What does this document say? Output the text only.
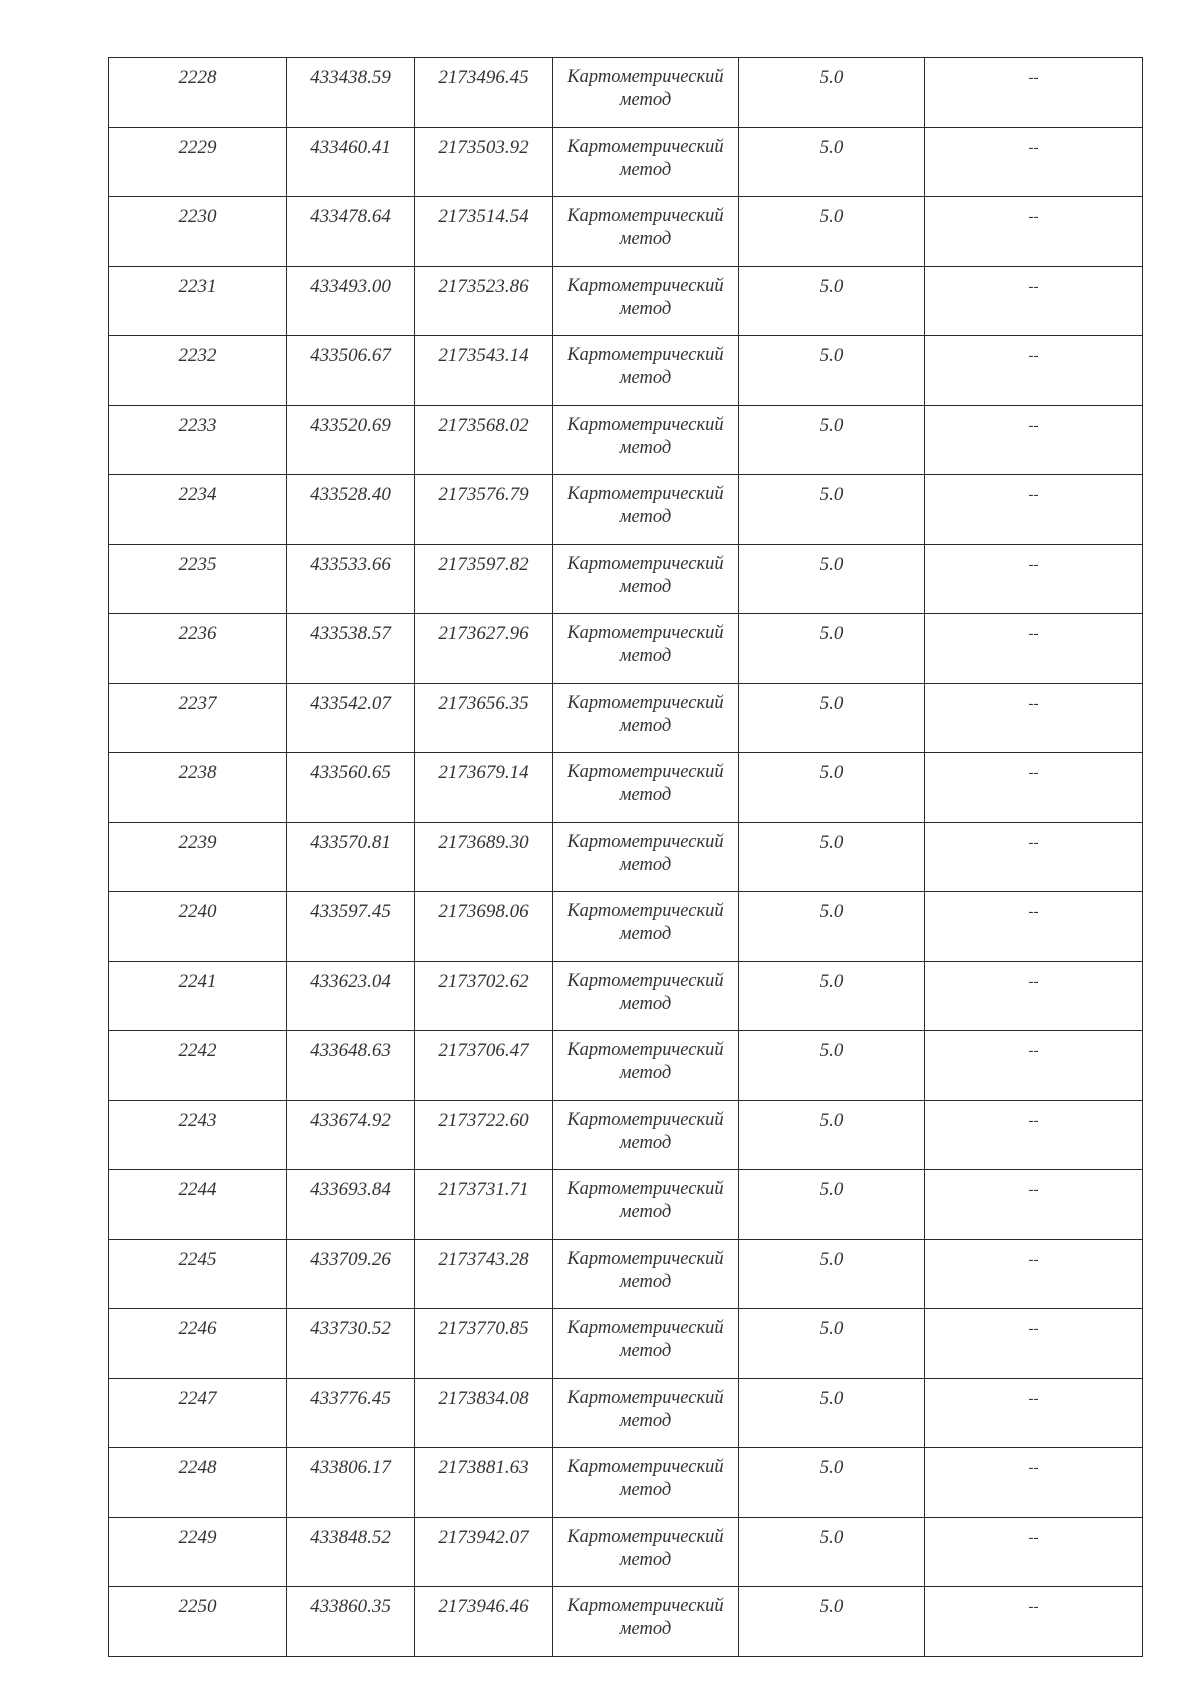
2228	433438.59	2173496.45	Картометрический метод	5.0	--

2229	433460.41	2173503.92	Картометрический метод	5.0	--

2230	433478.64	2173514.54	Картометрический метод	5.0	--

2231	433493.00	2173523.86	Картометрический метод	5.0	--

2232	433506.67	2173543.14	Картометрический метод	5.0	--

2233	433520.69	2173568.02	Картометрический метод	5.0	--

2234	433528.40	2173576.79	Картометрический метод	5.0	--

2235	433533.66	2173597.82	Картометрический метод	5.0	--

2236	433538.57	2173627.96	Картометрический метод	5.0	--

2237	433542.07	2173656.35	Картометрический метод	5.0	--

2238	433560.65	2173679.14	Картометрический метод	5.0	--

2239	433570.81	2173689.30	Картометрический метод	5.0	--

2240	433597.45	2173698.06	Картометрический метод	5.0	--

2241	433623.04	2173702.62	Картометрический метод	5.0	--

2242	433648.63	2173706.47	Картометрический метод	5.0	--

2243	433674.92	2173722.60	Картометрический метод	5.0	--

2244	433693.84	2173731.71	Картометрический метод	5.0	--

2245	433709.26	2173743.28	Картометрический метод	5.0	--

2246	433730.52	2173770.85	Картометрический метод	5.0	--

2247	433776.45	2173834.08	Картометрический метод	5.0	--

2248	433806.17	2173881.63	Картометрический метод	5.0	--

2249	433848.52	2173942.07	Картометрический метод	5.0	--

2250	433860.35	2173946.46	Картометрический метод	5.0	--
